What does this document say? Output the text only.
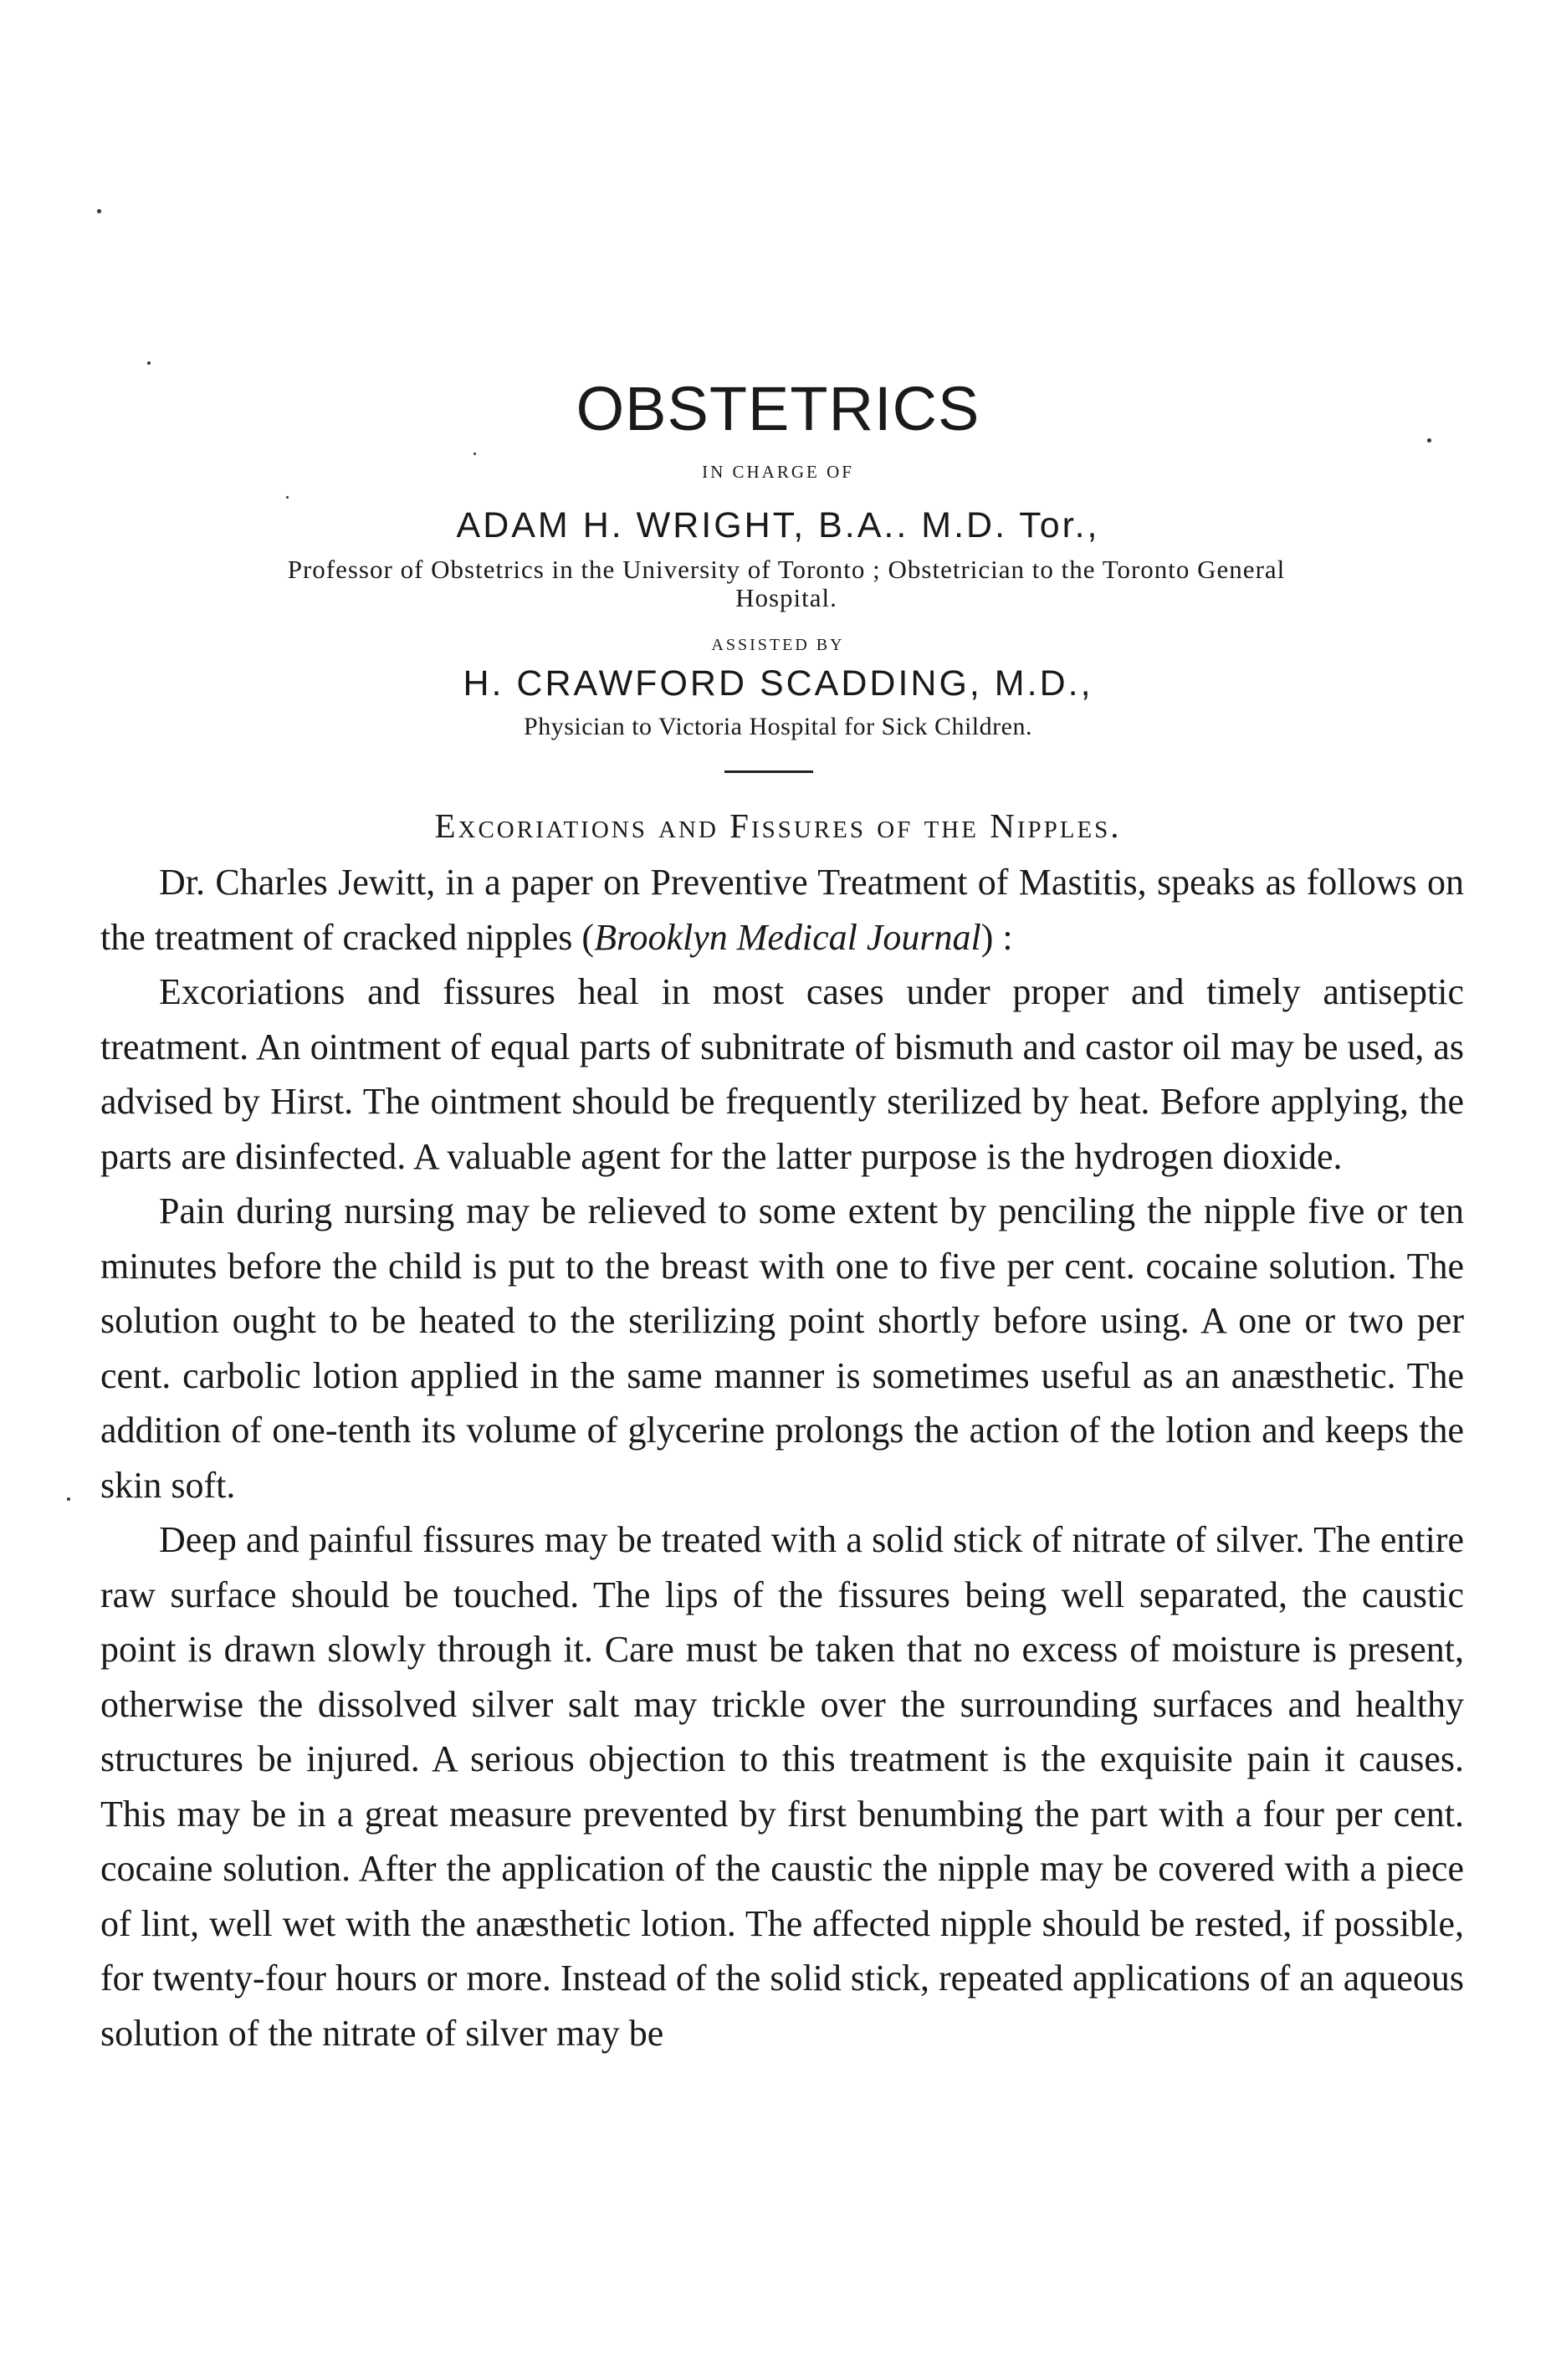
OBSTETRICS
IN CHARGE OF
ADAM H. WRIGHT, B.A.. M.D. Tor.,
Professor of Obstetrics in the University of Toronto ; Obstetrician to the Toronto General Hospital.
ASSISTED BY
H. CRAWFORD SCADDING, M.D.,
Physician to Victoria Hospital for Sick Children.
Excoriations and Fissures of the Nipples.

Dr. Charles Jewitt, in a paper on Preventive Treatment of Mastitis, speaks as follows on the treatment of cracked nipples (Brooklyn Medical Journal) :

Excoriations and fissures heal in most cases under proper and timely antiseptic treatment. An ointment of equal parts of subnitrate of bismuth and castor oil may be used, as advised by Hirst. The ointment should be frequently sterilized by heat. Before applying, the parts are disinfected. A valuable agent for the latter purpose is the hydrogen dioxide.

Pain during nursing may be relieved to some extent by penciling the nipple five or ten minutes before the child is put to the breast with one to five per cent. cocaine solution. The solution ought to be heated to the sterilizing point shortly before using. A one or two per cent. carbolic lotion applied in the same manner is sometimes useful as an anæsthetic. The addition of one-tenth its volume of glycerine prolongs the action of the lotion and keeps the skin soft.

Deep and painful fissures may be treated with a solid stick of nitrate of silver. The entire raw surface should be touched. The lips of the fissures being well separated, the caustic point is drawn slowly through it. Care must be taken that no excess of moisture is present, otherwise the dissolved silver salt may trickle over the surrounding surfaces and healthy structures be injured. A serious objection to this treatment is the exquisite pain it causes. This may be in a great measure prevented by first benumbing the part with a four per cent. cocaine solution. After the application of the caustic the nipple may be covered with a piece of lint, well wet with the anæsthetic lotion. The affected nipple should be rested, if possible, for twenty-four hours or more. Instead of the solid stick, repeated applications of an aqueous solution of the nitrate of silver may be
